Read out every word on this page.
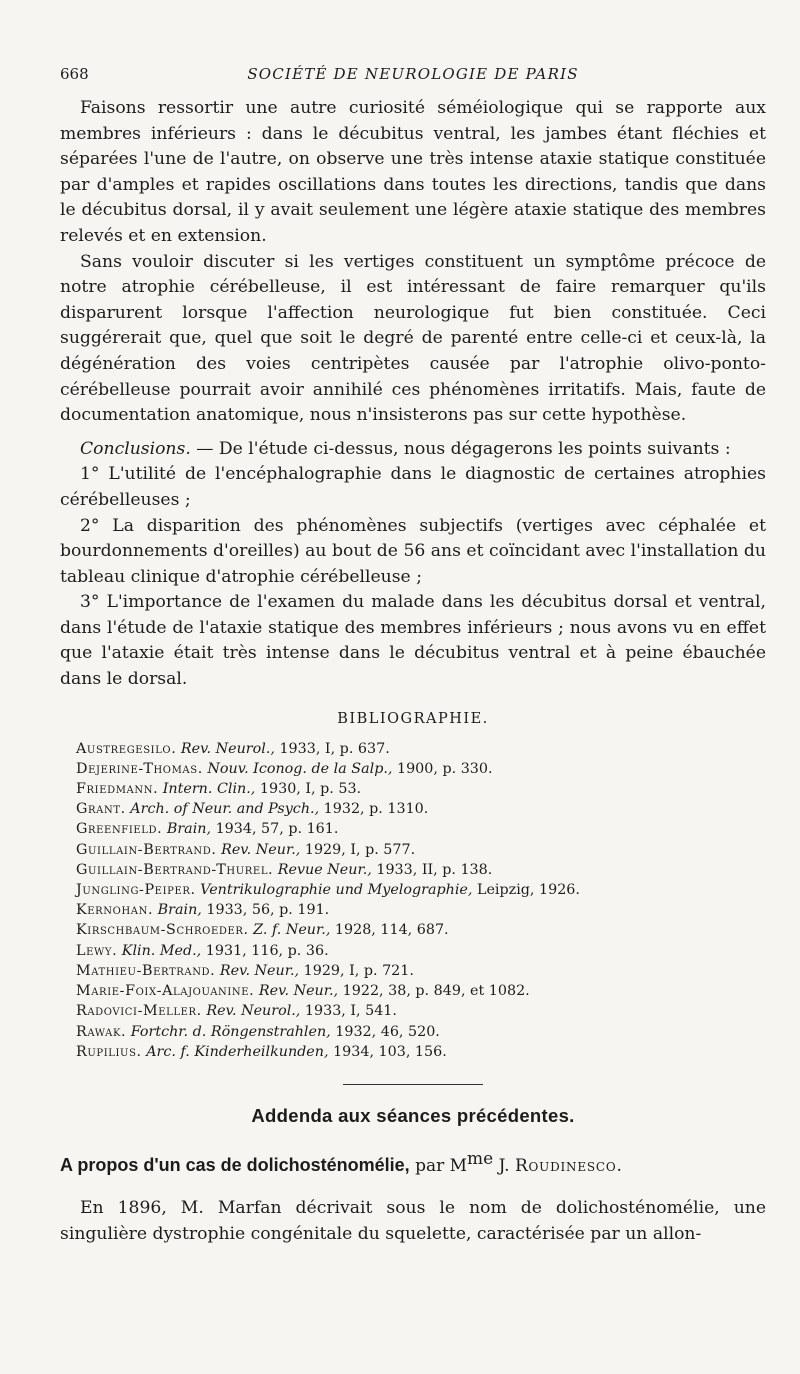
668	SOCIÉTÉ DE NEUROLOGIE DE PARIS

Faisons ressortir une autre curiosité séméiologique qui se rapporte aux membres inférieurs : dans le décubitus ventral, les jambes étant fléchies et séparées l'une de l'autre, on observe une très intense ataxie statique constituée par d'amples et rapides oscillations dans toutes les directions, tandis que dans le décubitus dorsal, il y avait seulement une légère ataxie statique des membres relevés et en extension.

Sans vouloir discuter si les vertiges constituent un symptôme précoce de notre atrophie cérébelleuse, il est intéressant de faire remarquer qu'ils disparurent lorsque l'affection neurologique fut bien constituée. Ceci suggérerait que, quel que soit le degré de parenté entre celle-ci et ceux-là, la dégénération des voies centripètes causée par l'atrophie olivo-ponto-cérébelleuse pourrait avoir annihilé ces phénomènes irritatifs. Mais, faute de documentation anatomique, nous n'insisterons pas sur cette hypothèse.

Conclusions. — De l'étude ci-dessus, nous dégagerons les points suivants :

1° L'utilité de l'encéphalographie dans le diagnostic de certaines atrophies cérébelleuses ;

2° La disparition des phénomènes subjectifs (vertiges avec céphalée et bourdonnements d'oreilles) au bout de 56 ans et coïncidant avec l'installation du tableau clinique d'atrophie cérébelleuse ;

3° L'importance de l'examen du malade dans les décubitus dorsal et ventral, dans l'étude de l'ataxie statique des membres inférieurs ; nous avons vu en effet que l'ataxie était très intense dans le décubitus ventral et à peine ébauchée dans le dorsal.

BIBLIOGRAPHIE.
Austregesilo. Rev. Neurol., 1933, I, p. 637.
Dejerine-Thomas. Nouv. Iconog. de la Salp., 1900, p. 330.
Friedmann. Intern. Clin., 1930, I, p. 53.
Grant. Arch. of Neur. and Psych., 1932, p. 1310.
Greenfield. Brain, 1934, 57, p. 161.
Guillain-Bertrand. Rev. Neur., 1929, I, p. 577.
Guillain-Bertrand-Thurel. Revue Neur., 1933, II, p. 138.
Jungling-Peiper. Ventrikulographie und Myelographie, Leipzig, 1926.
Kernohan. Brain, 1933, 56, p. 191.
Kirschbaum-Schroeder. Z. f. Neur., 1928, 114, 687.
Lewy. Klin. Med., 1931, 116, p. 36.
Mathieu-Bertrand. Rev. Neur., 1929, I, p. 721.
Marie-Foix-Alajouanine. Rev. Neur., 1922, 38, p. 849, et 1082.
Radovici-Meller. Rev. Neurol., 1933, I, 541.
Rawak. Fortchr. d. Röngenstrahlen, 1932, 46, 520.
Rupilius. Arc. f. Kinderheilkunden, 1934, 103, 156.
Addenda aux séances précédentes.
A propos d'un cas de dolichosténomélie, par $M^{me}$ J. Roudinesco.

En 1896, M. Marfan décrivait sous le nom de dolichosténomélie, une singulière dystrophie congénitale du squelette, caractérisée par un allon-
